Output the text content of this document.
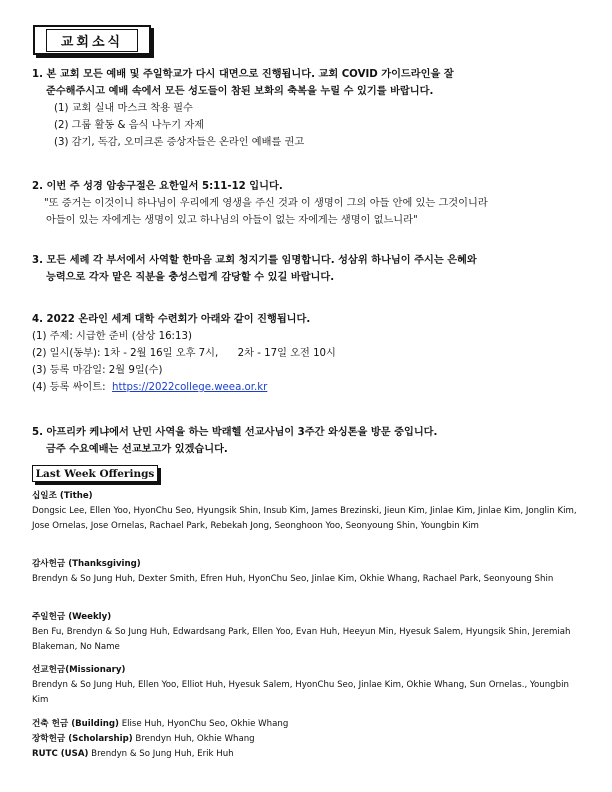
교회소식
1. 본 교회 모든 예배 및 주일학교가 다시 대면으로 진행됩니다. 교회 COVID 가이드라인을 잘
준수해주시고 예배 속에서 모든 성도들이 참된 보화의 축복을 누릴 수 있기를 바랍니다.
(1) 교회 실내 마스크 착용 필수
(2) 그룹 활동 & 음식 나누기 자제
(3) 감기, 독감, 오미크론 증상자들은 온라인 예배를 권고
2. 이번 주 성경 암송구절은 요한일서 5:11-12 입니다.
"또 증거는 이것이니 하나님이 우리에게 영생을 주신 것과 이 생명이 그의 아들 안에 있는 그것이니라
아들이 있는 자에게는 생명이 있고 하나님의 아들이 없는 자에게는 생명이 없느니라"
3. 모든 세례 각 부서에서 사역할 한마음 교회 청지기를 임명합니다. 성삼위 하나님이 주시는 은혜와
능력으로 각자 맡은 직분을 충성스럽게 감당할 수 있길 바랍니다.
4. 2022 온라인 세계 대학 수련회가 아래와 같이 진행됩니다.
(1) 주제: 시급한 준비 (삼상 16:13)
(2) 일시(동부): 1차 - 2월 16일 오후 7시,      2차 - 17일 오전 10시
(3) 등록 마감일: 2월 9일(수)
(4) 등록 싸이트:  https://2022college.weea.or.kr
5. 아프리카 케냐에서 난민 사역을 하는 박래헬 선교사님이 3주간 와싱톤을 방문 중입니다.
금주 수요예배는 선교보고가 있겠습니다.
Last Week Offerings
십일조 (Tithe)
Dongsic Lee, Ellen Yoo, HyonChu Seo, Hyungsik Shin, Insub Kim, James Brezinski, Jieun Kim, Jinlae Kim, Jinlae Kim, Jonglin Kim, Jose Ornelas, Jose Ornelas, Rachael Park, Rebekah Jong, Seonghoon Yoo, Seonyoung Shin, Youngbin Kim
감사헌금 (Thanksgiving)
Brendyn & So Jung Huh, Dexter Smith, Efren Huh, HyonChu Seo, Jinlae Kim, Okhie Whang, Rachael Park, Seonyoung Shin
주일헌금 (Weekly)
Ben Fu, Brendyn & So Jung Huh, Edwardsang Park, Ellen Yoo, Evan Huh, Heeyun Min, Hyesuk Salem, Hyungsik Shin, Jeremiah Blakeman, No Name
선교헌금(Missionary)
Brendyn & So Jung Huh, Ellen Yoo, Elliot Huh, Hyesuk Salem, HyonChu Seo, Jinlae Kim, Okhie Whang, Sun Ornelas., Youngbin Kim
건축 헌금 (Building) Elise Huh, HyonChu Seo, Okhie Whang
장학헌금 (Scholarship) Brendyn Huh, Okhie Whang
RUTC (USA) Brendyn & So Jung Huh, Erik Huh
